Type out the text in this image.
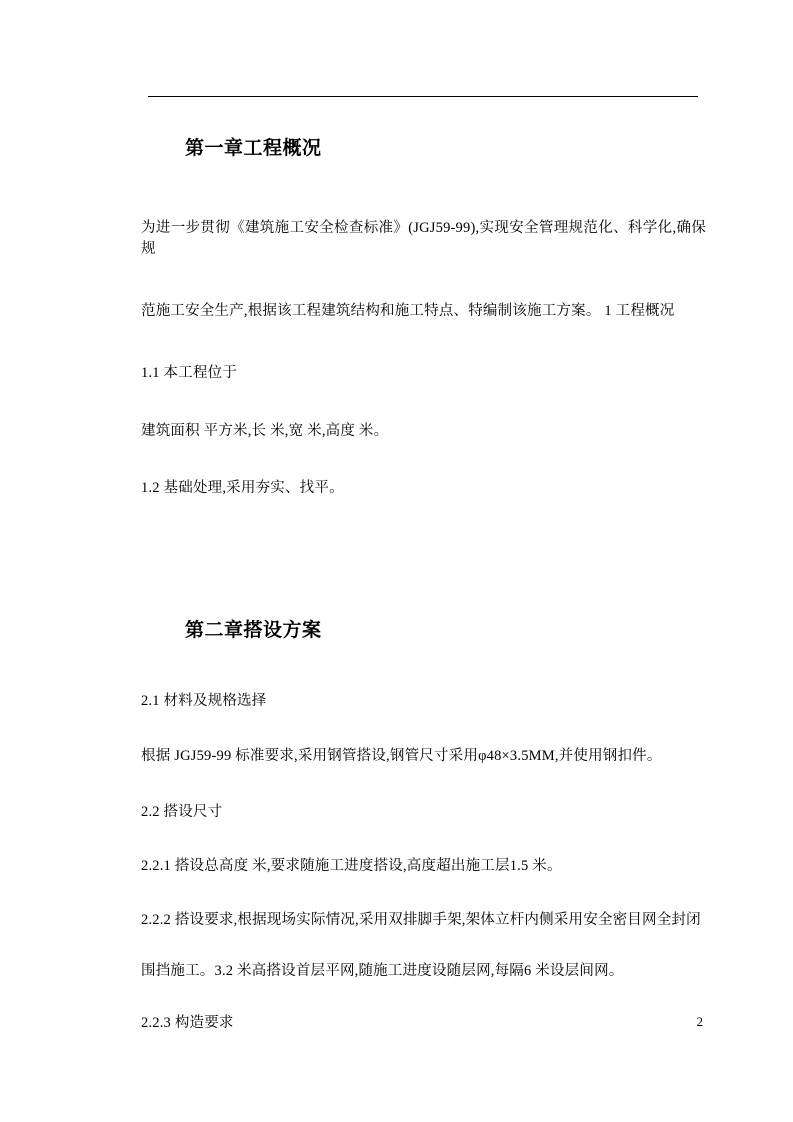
第一章工程概况

为进一步贯彻《建筑施工安全检查标准》(JGJ59-99),实现安全管理规范化、科学化,确保规

范施工安全生产,根据该工程建筑结构和施工特点、特编制该施工方案。 1 工程概况

1.1 本工程位于

建筑面积 平方米,长 米,宽 米,高度 米。

1.2 基础处理,采用夯实、找平。

第二章搭设方案

2.1 材料及规格选择

根据 JGJ59-99 标准要求,采用钢管搭设,钢管尺寸采用φ48×3.5MM,并使用钢扣件。

2.2 搭设尺寸

2.2.1 搭设总高度 米,要求随施工进度搭设,高度超出施工层1.5 米。

2.2.2 搭设要求,根据现场实际情况,采用双排脚手架,架体立杆内侧采用安全密目网全封闭

围挡施工。3.2 米高搭设首层平网,随施工进度设随层网,每隔6 米设层间网。

2.2.3 构造要求	2
